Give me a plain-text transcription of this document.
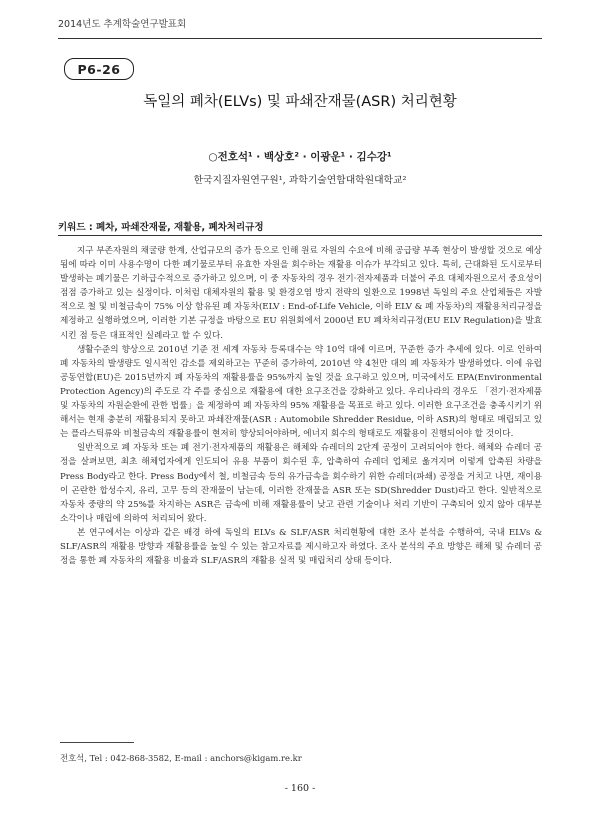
2014년도 추계학술연구발표회
P6-26
독일의 폐차(ELVs) 및 파쇄잔재물(ASR) 처리현황
○전호석¹ · 백상호² · 이광운¹ · 김수강¹
한국지질자원연구원¹, 과학기술연합대학원대학교²
키워드 : 폐차, 파쇄잔재물, 재활용, 폐차처리규정

지구 부존자원의 채굴량 한계, 산업규모의 증가 등으로 인해 원료 자원의 수요에 비해 공급량 부족 현상이 발생할 것으로 예상됨에 따라 이미 사용수명이 다한 폐기물로부터 유효한 자원을 회수하는 재활용 이슈가 부각되고 있다. 특히, 근대화된 도시로부터 발생하는 폐기물은 기하급수적으로 증가하고 있으며, 이 중 자동차의 경우 전기·전자제품과 더불어 주요 대체자원으로서 중요성이 점점 증가하고 있는 실정이다. 이처럼 대체자원의 활용 및 환경오염 방지 전략의 일환으로 1998년 독일의 주요 산업체들은 자발적으로 철 및 비철금속이 75% 이상 함유된 폐 자동차(ELV : End-of-Life Vehicle, 이하 ELV & 폐 자동차)의 재활용처리규정을 제정하고 실행하였으며, 이러한 기본 규정을 바탕으로 EU 위원회에서 2000년 EU 폐차처리규정(EU ELV Regulation)을 발효시킨 점 등은 대표적인 실례라고 할 수 있다.

생활수준의 향상으로 2010년 기준 전 세계 자동차 등록대수는 약 10억 대에 이르며, 꾸준한 증가 추세에 있다. 이로 인하여 폐 자동차의 발생량도 일시적인 감소를 제외하고는 꾸준히 증가하여, 2010년 약 4천만 대의 폐 자동차가 발생하였다. 이에 유럽공동연합(EU)은 2015년까지 폐 자동차의 재활용률을 95%까지 높일 것을 요구하고 있으며, 미국에서도 EPA(Environmental Protection Agency)의 주도로 각 주를 중심으로 재활용에 대한 요구조건을 강화하고 있다. 우리나라의 경우도 「전기·전자제품 및 자동차의 자원순환에 관한 법률」을 제정하여 폐 자동차의 95% 재활용을 목표로 하고 있다. 이러한 요구조건을 충족시키기 위해서는 현재 충분히 재활용되지 못하고 파쇄잔재물(ASR : Automobile Shredder Residue, 이하 ASR)의 형태로 매립되고 있는 플라스틱류와 비철금속의 재활용률이 현저히 향상되어야하며, 에너지 회수의 형태로도 재활용이 진행되어야 할 것이다.

일반적으로 폐 자동차 또는 폐 전기·전자제품의 재활용은 해체와 슈레더의 2단계 공정이 고려되어야 한다. 해체와 슈레더 공정을 살펴보면, 최초 해체업자에게 인도되어 유용 부품이 회수된 후, 압축하여 슈레더 업체로 옮겨지며 이렇게 압축된 차량을 Press Body라고 한다. Press Body에서 철, 비철금속 등의 유가금속을 회수하기 위한 슈레더(파쇄) 공정을 거치고 나면, 재이용이 곤란한 합성수지, 유리, 고무 등의 잔재물이 남는데, 이러한 잔재물을 ASR 또는 SD(Shredder Dust)라고 한다. 일반적으로 자동차 중량의 약 25%를 차지하는 ASR은 금속에 비해 재활용률이 낮고 관련 기술이나 처리 기반이 구축되어 있지 않아 대부분 소각이나 매립에 의하여 처리되어 왔다.

본 연구에서는 이상과 같은 배경 하에 독일의 ELVs & SLF/ASR 처리현황에 대한 조사 분석을 수행하여, 국내 ELVs & SLF/ASR의 재활용 방향과 재활용률을 높일 수 있는 참고자료를 제시하고자 하였다. 조사 분석의 주요 방향은 해체 및 슈레더 공정을 통한 폐 자동차의 재활용 비율과 SLF/ASR의 재활용 실적 및 매립처리 상태 등이다.

전호석, Tel : 042-868-3582, E-mail : anchors@kigam.re.kr
- 160 -
